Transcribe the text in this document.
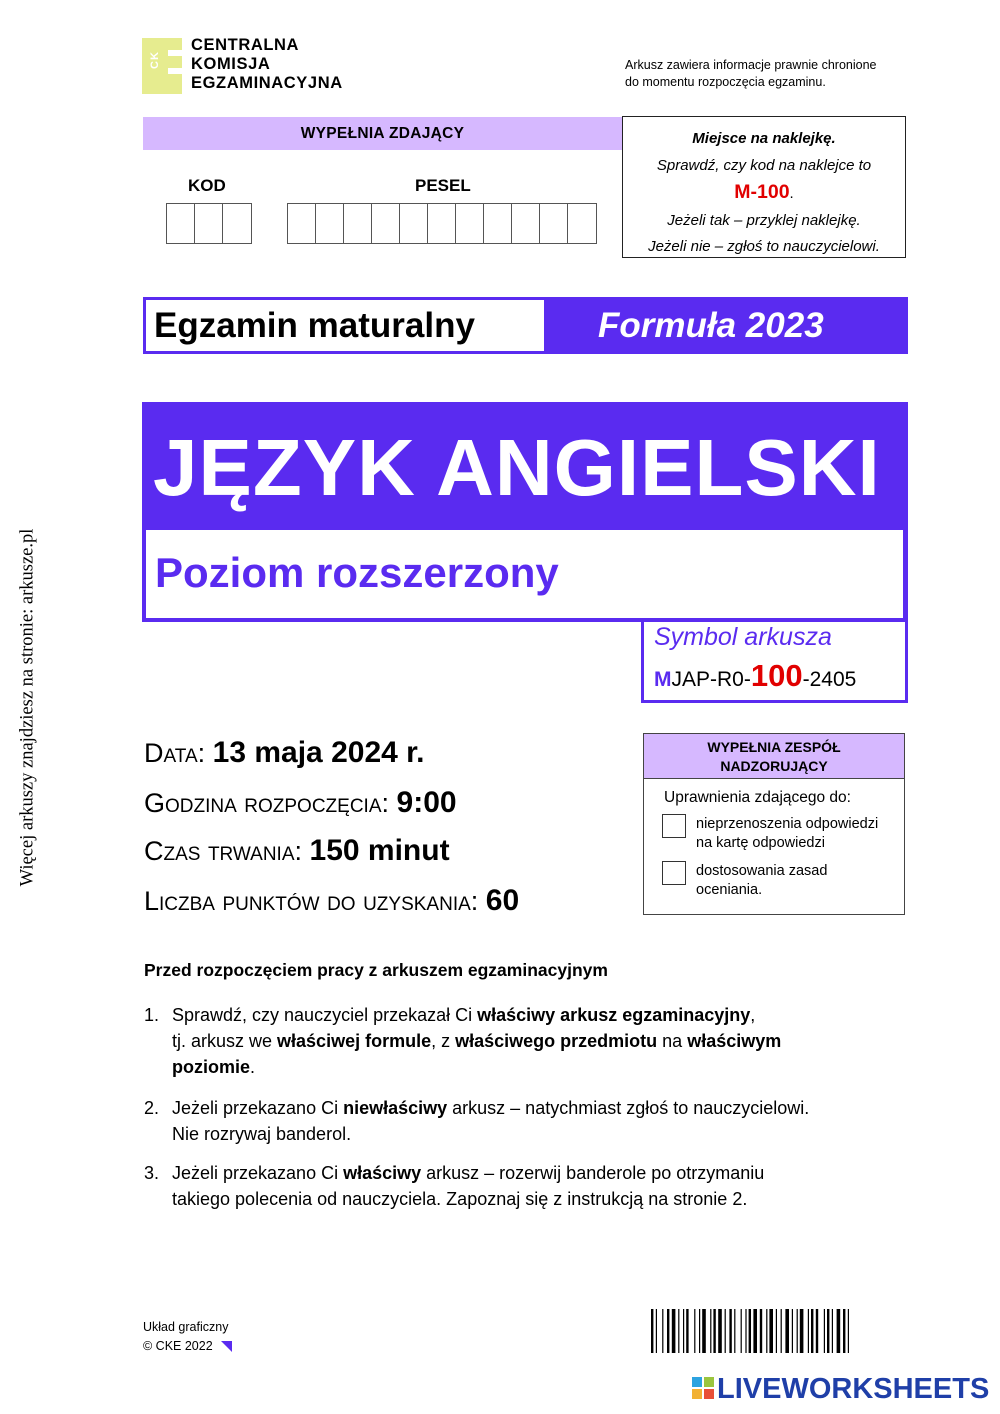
CK
CENTRALNA
KOMISJA
EGZAMINACYJNA
Arkusz zawiera informacje prawnie chronione
do momentu rozpoczęcia egzaminu.
WYPEŁNIA ZDAJĄCY
KOD	PESEL
Miejsce na naklejkę.
Sprawdź, czy kod na naklejce to
M-100.
Jeżeli tak – przyklej naklejkę.
Jeżeli nie – zgłoś to nauczycielowi.
Egzamin maturalny	Formuła 2023
JĘZYK ANGIELSKI
Poziom rozszerzony
Symbol arkusza
MJAP-R0-100-2405
Data: 13 maja 2024 r.
Godzina rozpoczęcia: 9:00
Czas trwania: 150 minut
Liczba punktów do uzyskania: 60
WYPEŁNIA ZESPÓŁ
NADZORUJĄCY
Uprawnienia zdającego do:
nieprzenoszenia odpowiedzi
na kartę odpowiedzi
dostosowania zasad
oceniania.
Przed rozpoczęciem pracy z arkuszem egzaminacyjnym
1. Sprawdź, czy nauczyciel przekazał Ci właściwy arkusz egzaminacyjny,
tj. arkusz we właściwej formule, z właściwego przedmiotu na właściwym
poziomie.
2. Jeżeli przekazano Ci niewłaściwy arkusz – natychmiast zgłoś to nauczycielowi.
Nie rozrywaj banderol.
3. Jeżeli przekazano Ci właściwy arkusz – rozerwij banderole po otrzymaniu
takiego polecenia od nauczyciela. Zapoznaj się z instrukcją na stronie 2.
Więcej arkuszy znajdziesz na stronie: arkusze.pl
Układ graficzny
© CKE 2022
LIVEWORKSHEETS
